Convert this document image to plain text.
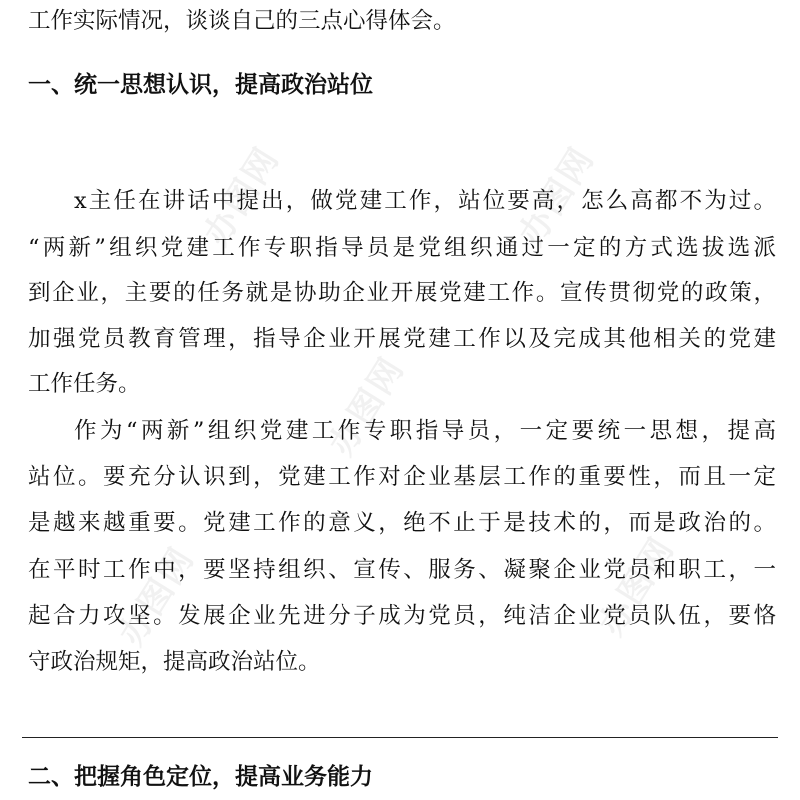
办图网	办图网
办图网
办图网
办图网
工作实际情况，谈谈自己的三点心得体会。
一、统一思想认识，提高政治站位
x主任在讲话中提出，做党建工作，站位要高，怎么高都不为过。
“两新”组织党建工作专职指导员是党组织通过一定的方式选拔选派
到企业，主要的任务就是协助企业开展党建工作。宣传贯彻党的政策，
加强党员教育管理，指导企业开展党建工作以及完成其他相关的党建
工作任务。
作为“两新”组织党建工作专职指导员，一定要统一思想，提高
站位。要充分认识到，党建工作对企业基层工作的重要性，而且一定
是越来越重要。党建工作的意义，绝不止于是技术的，而是政治的。
在平时工作中，要坚持组织、宣传、服务、凝聚企业党员和职工，一
起合力攻坚。发展企业先进分子成为党员，纯洁企业党员队伍，要恪
守政治规矩，提高政治站位。
二、把握角色定位，提高业务能力
